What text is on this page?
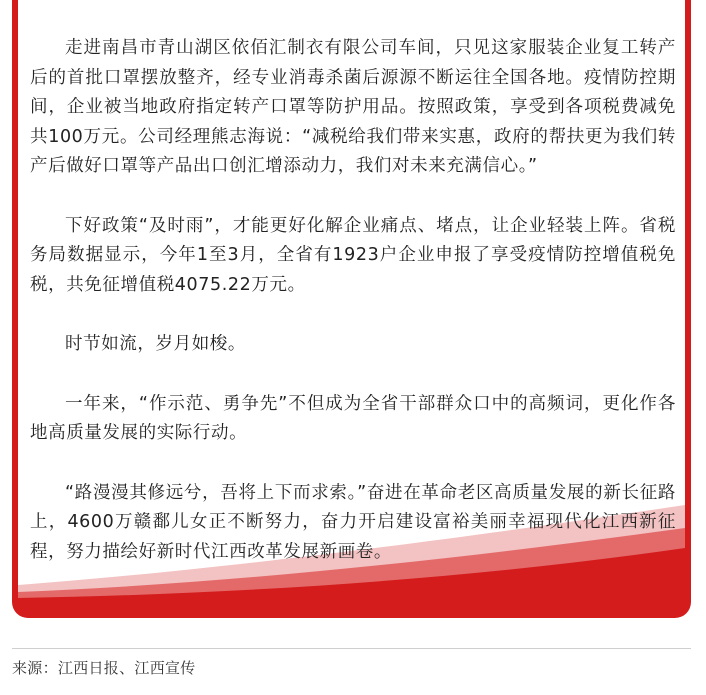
走进南昌市青山湖区依佰汇制衣有限公司车间，只见这家服装企业复工转产后的首批口罩摆放整齐，经专业消毒杀菌后源源不断运往全国各地。疫情防控期间，企业被当地政府指定转产口罩等防护用品。按照政策，享受到各项税费减免共100万元。公司经理熊志海说：“减税给我们带来实惠，政府的帮扶更为我们转产后做好口罩等产品出口创汇增添动力，我们对未来充满信心。”

下好政策“及时雨”，才能更好化解企业痛点、堵点，让企业轻装上阵。省税务局数据显示，今年1至3月，全省有1923户企业申报了享受疫情防控增值税免税，共免征增值税4075.22万元。

时节如流，岁月如梭。

一年来，“作示范、勇争先”不但成为全省干部群众口中的高频词，更化作各地高质量发展的实际行动。

“路漫漫其修远兮，吾将上下而求索。”奋进在革命老区高质量发展的新长征路上，4600万赣鄱儿女正不断努力，奋力开启建设富裕美丽幸福现代化江西新征程，努力描绘好新时代江西改革发展新画卷。

来源：江西日报、江西宣传
